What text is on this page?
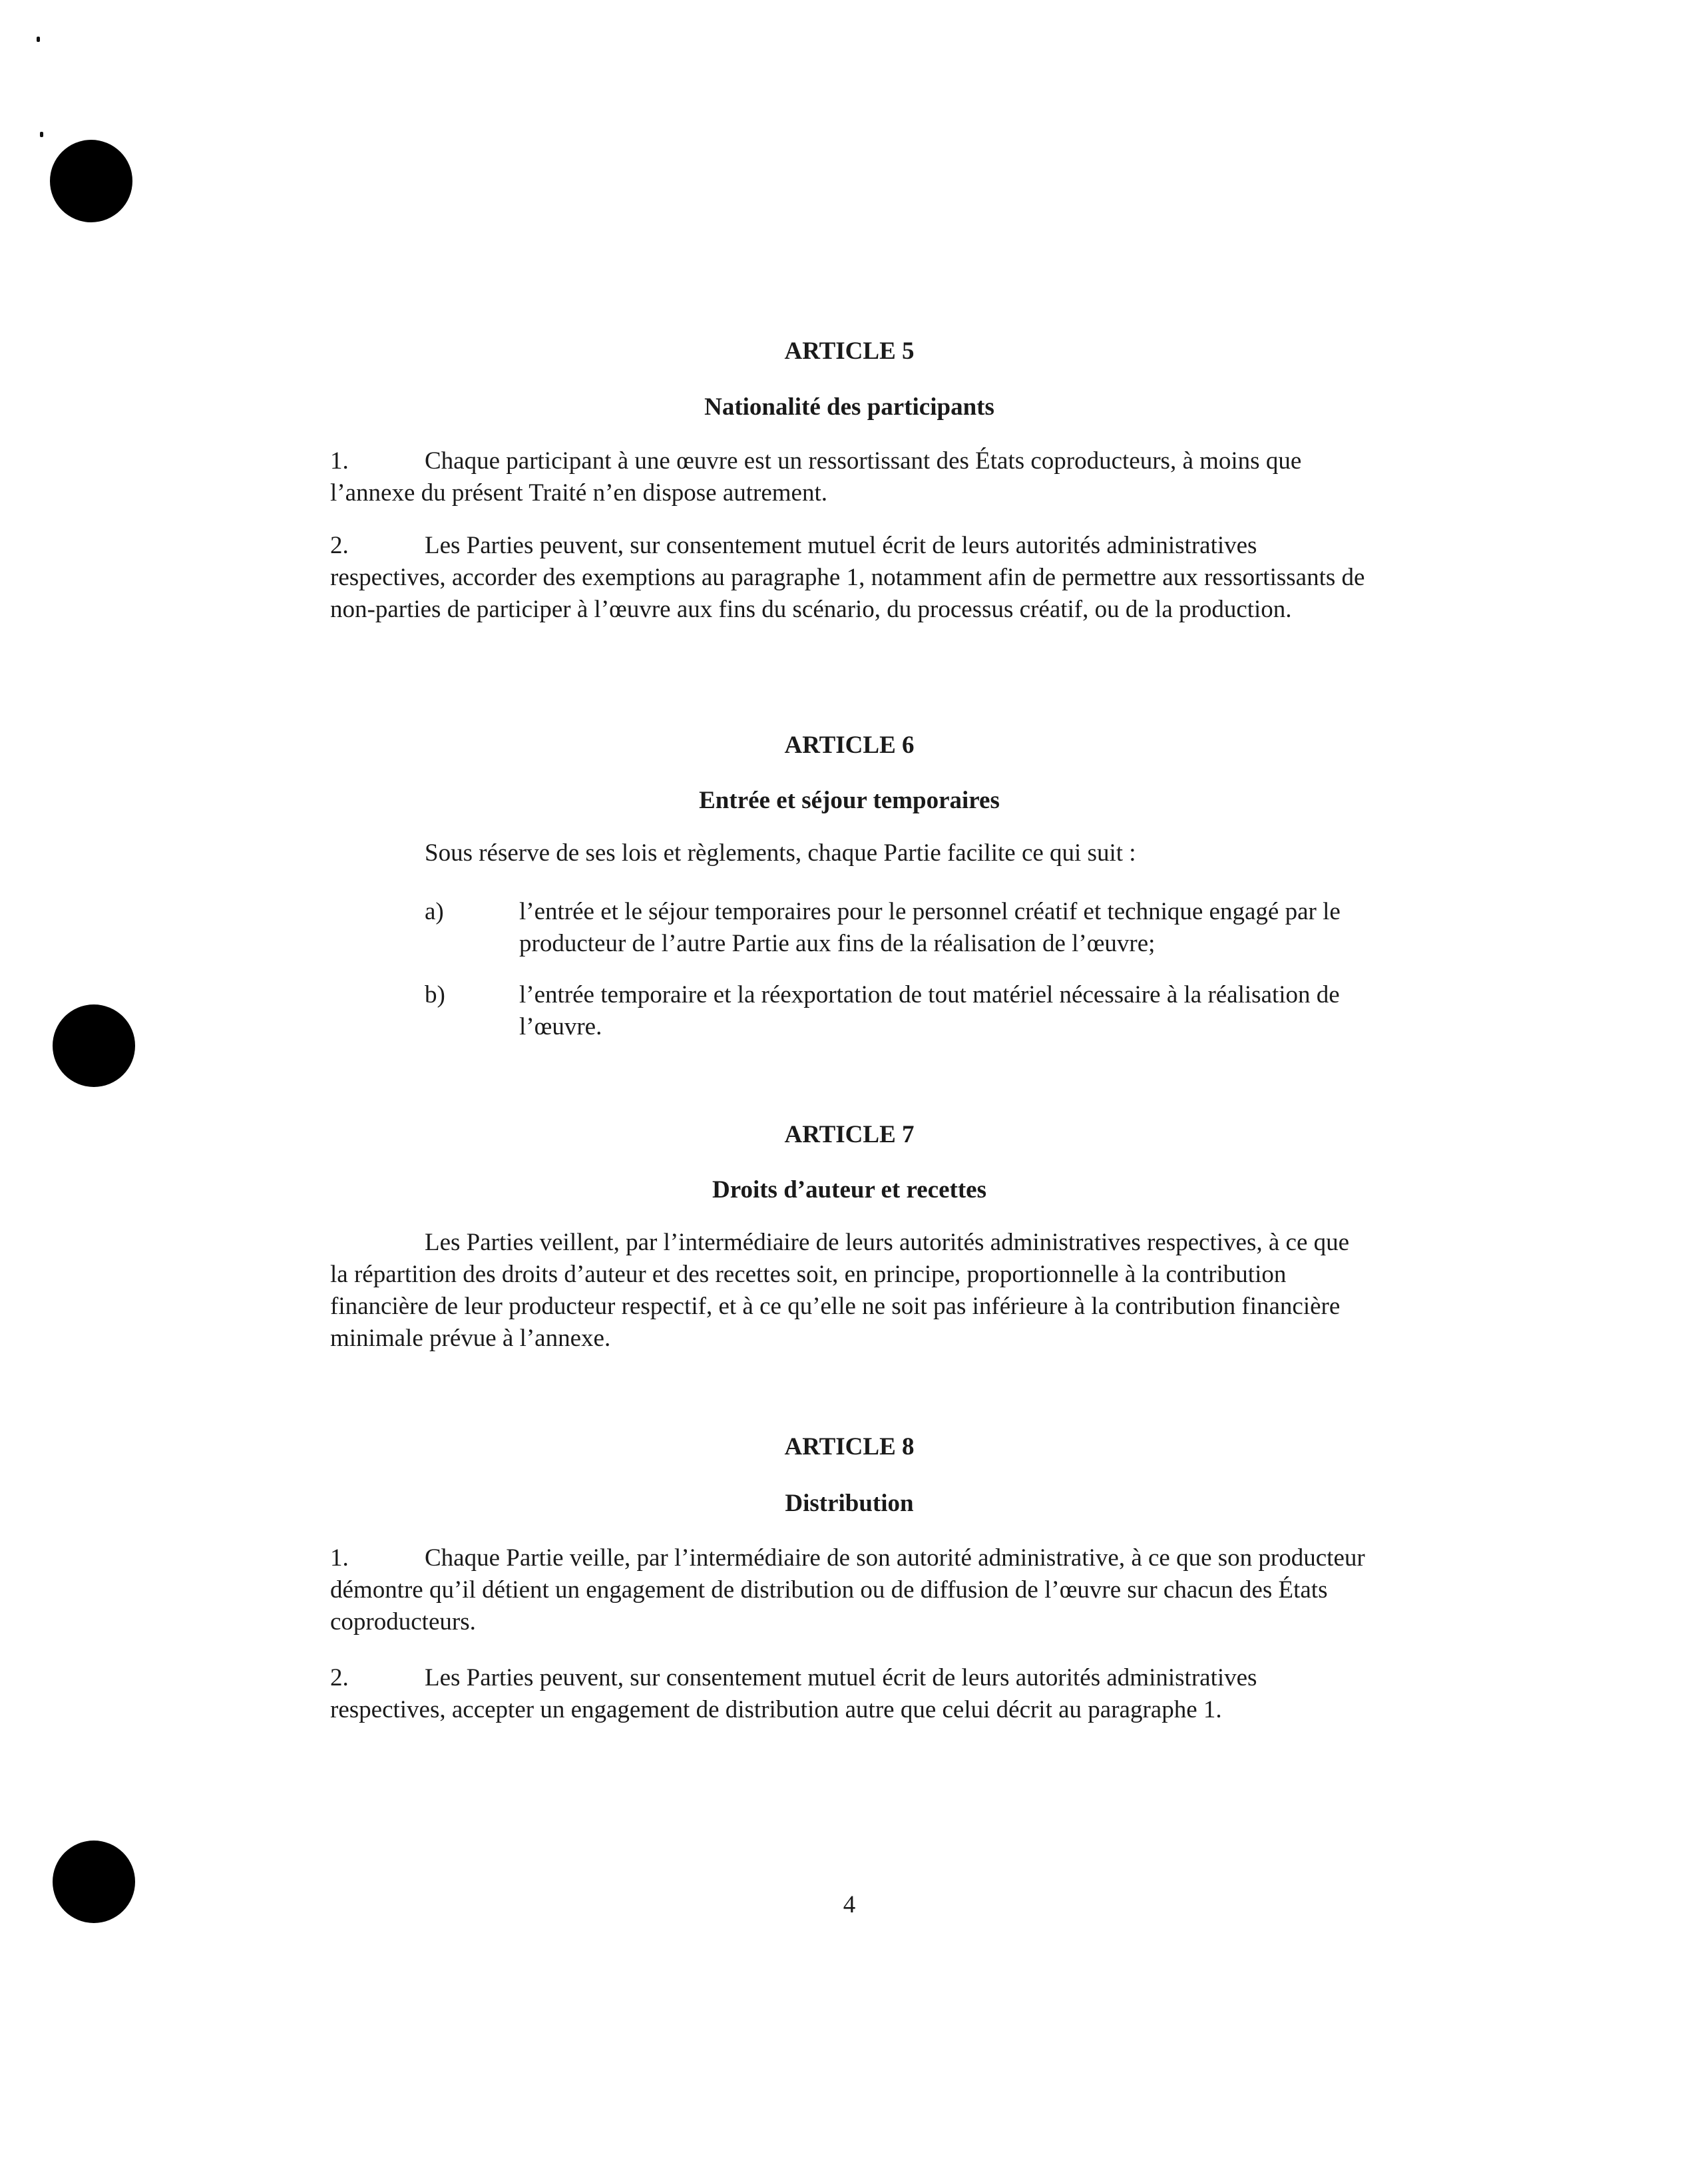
ARTICLE 5
Nationalité des participants

1.	Chaque participant à une œuvre est un ressortissant des États coproducteurs, à moins que l’annexe du présent Traité n’en dispose autrement.

2.	Les Parties peuvent, sur consentement mutuel écrit de leurs autorités administratives respectives, accorder des exemptions au paragraphe 1, notamment afin de permettre aux ressortissants de non-parties de participer à l’œuvre aux fins du scénario, du processus créatif, ou de la production.

ARTICLE 6
Entrée et séjour temporaires

Sous réserve de ses lois et règlements, chaque Partie facilite ce qui suit :

a)	l’entrée et le séjour temporaires pour le personnel créatif et technique engagé par le producteur de l’autre Partie aux fins de la réalisation de l’œuvre;
b)	l’entrée temporaire et la réexportation de tout matériel nécessaire à la réalisation de l’œuvre.
ARTICLE 7
Droits d’auteur et recettes

Les Parties veillent, par l’intermédiaire de leurs autorités administratives respectives, à ce que la répartition des droits d’auteur et des recettes soit, en principe, proportionnelle à la contribution financière de leur producteur respectif, et à ce qu’elle ne soit pas inférieure à la contribution financière minimale prévue à l’annexe.

ARTICLE 8
Distribution

1.	Chaque Partie veille, par l’intermédiaire de son autorité administrative, à ce que son producteur démontre qu’il détient un engagement de distribution ou de diffusion de l’œuvre sur chacun des États coproducteurs.

2.	Les Parties peuvent, sur consentement mutuel écrit de leurs autorités administratives respectives, accepter un engagement de distribution autre que celui décrit au paragraphe 1.

4
